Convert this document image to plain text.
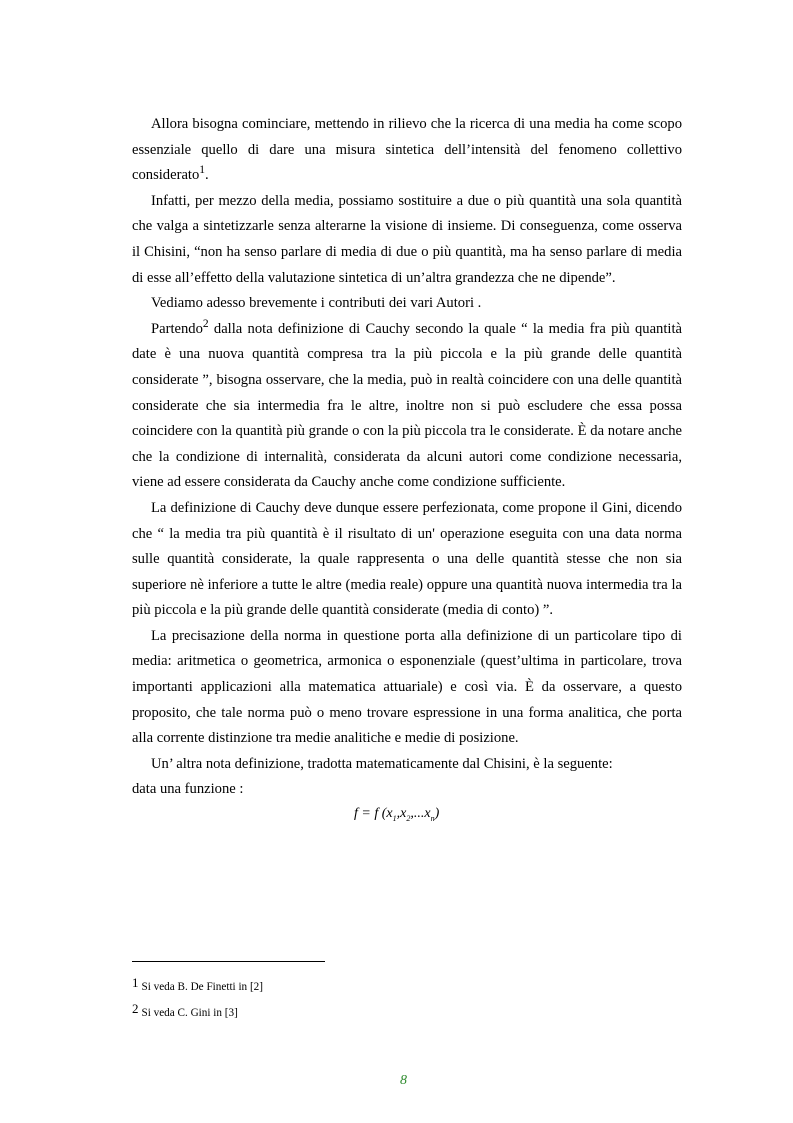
Allora bisogna cominciare, mettendo in rilievo che la ricerca di una media ha come scopo essenziale quello di dare una misura sintetica dell’intensità del fenomeno collettivo considerato$^1$.

Infatti, per mezzo della media, possiamo sostituire a due o più quantità una sola quantità che valga a sintetizzarle senza alterarne la visione di insieme. Di conseguenza, come osserva il Chisini, “non ha senso parlare di media di due o più quantità, ma ha senso parlare di media di esse all’effetto della valutazione sintetica di un’altra grandezza che ne dipende”.

Vediamo adesso brevemente i contributi dei vari Autori .

Partendo$^2$ dalla nota definizione di Cauchy secondo la quale “ la media fra più quantità date è una nuova quantità compresa tra la più piccola e la più grande delle quantità considerate ”, bisogna osservare, che la media, può in realtà coincidere con una delle quantità considerate che sia intermedia fra le altre, inoltre non si può escludere che essa possa coincidere con la quantità più grande o con la più piccola tra le considerate. È da notare anche che la condizione di internalità, considerata da alcuni autori come condizione necessaria, viene ad essere considerata da Cauchy anche come condizione sufficiente.

La definizione di Cauchy deve dunque essere perfezionata, come propone il Gini, dicendo che “ la media tra più quantità è il risultato di un' operazione eseguita con una data norma sulle quantità considerate, la quale rappresenta o una delle quantità stesse che non sia superiore nè inferiore a tutte le altre (media reale) oppure una quantità nuova intermedia tra la più piccola e la più grande delle quantità considerate (media di conto) ”.

La precisazione della norma in questione porta alla definizione di un particolare tipo di media: aritmetica o geometrica, armonica o esponenziale (quest’ultima in particolare, trova importanti applicazioni alla matematica attuariale) e così via. È da osservare, a questo proposito, che tale norma può o meno trovare espressione in una forma analitica, che porta alla corrente distinzione tra medie analitiche e medie di posizione.

Un’ altra nota definizione, tradotta matematicamente dal Chisini, è la seguente:

data una funzione :

f = f $(x_1,x_2,...x_n)$
1 Si veda B. De Finetti in [2]
2 Si veda C. Gini in [3]
8
